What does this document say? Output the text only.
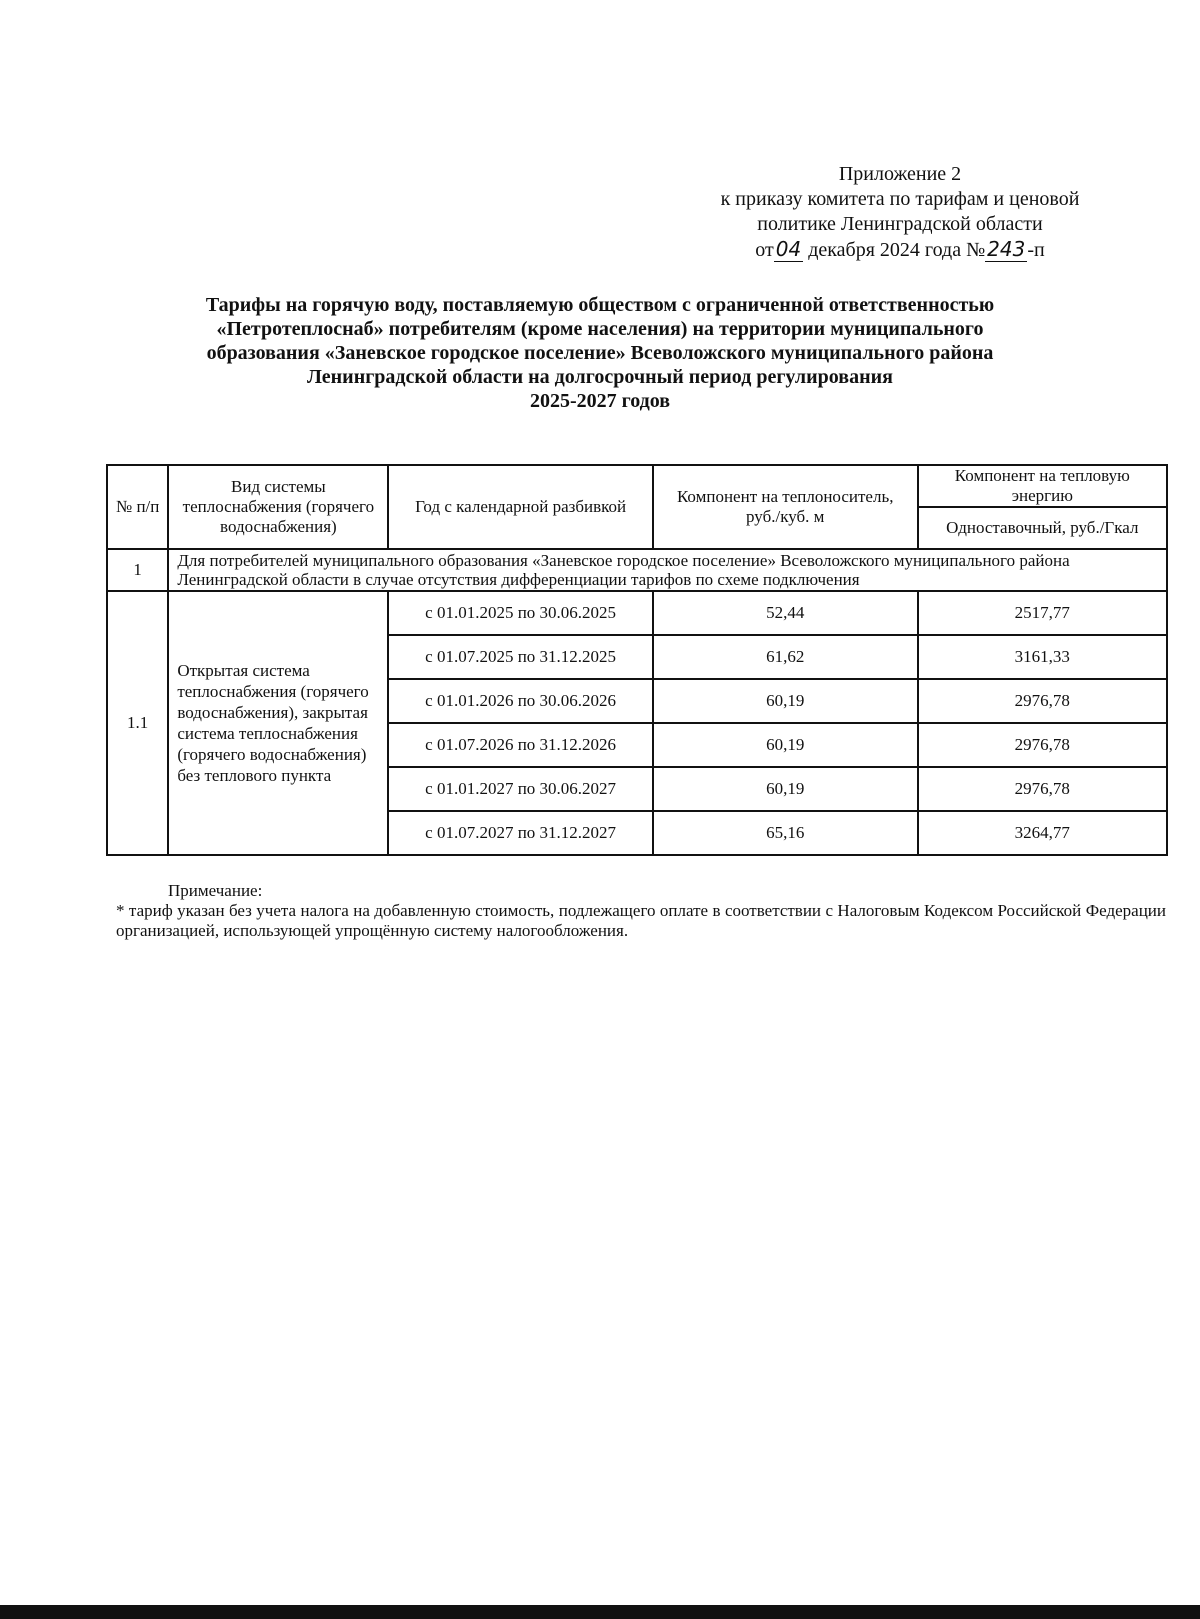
Приложение 2
к приказу комитета по тарифам и ценовой
политике Ленинградской области
от 04 декабря 2024 года № 243 -п
Тарифы на горячую воду, поставляемую обществом с ограниченной ответственностью
«Петротеплоснаб» потребителям (кроме населения) на территории муниципального
образования «Заневское городское поселение» Всеволожского муниципального района
Ленинградской области на долгосрочный период регулирования
2025-2027 годов
№ п/п	Вид системы теплоснабжения (горячего водоснабжения)	Год с календарной разбивкой	Компонент на теплоноситель, руб./куб. м	Компонент на тепловую энергию
				Одноставочный, руб./Гкал
1	Для потребителей муниципального образования «Заневское городское поселение» Всеволожского муниципального района Ленинградской области в случае отсутствия дифференциации тарифов по схеме подключения			
1.1	Открытая система теплоснабжения (горячего водоснабжения), закрытая система теплоснабжения (горячего водоснабжения) без теплового пункта	с 01.01.2025 по 30.06.2025	52,44	2517,77
		с 01.07.2025 по 31.12.2025	61,62	3161,33
		с 01.01.2026 по 30.06.2026	60,19	2976,78
		с 01.07.2026 по 31.12.2026	60,19	2976,78
		с 01.01.2027 по 30.06.2027	60,19	2976,78
		с 01.07.2027 по 31.12.2027	65,16	3264,77
Примечание:
* тариф указан без учета налога на добавленную стоимость, подлежащего оплате в соответствии с Налоговым Кодексом Российской Федерации организацией, использующей упрощённую систему налогообложения.
